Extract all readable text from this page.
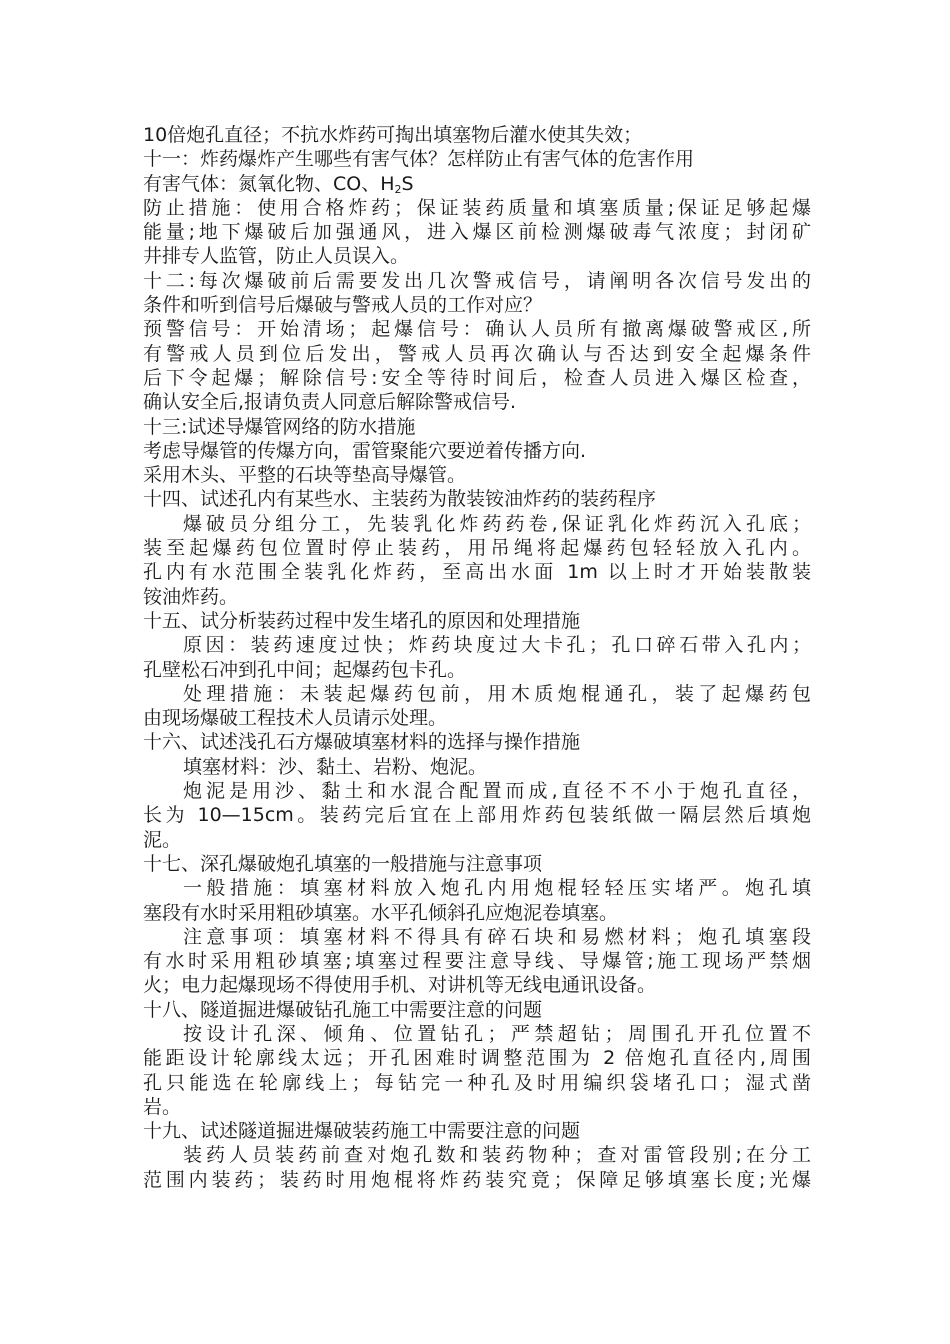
10倍炮孔直径；不抗水炸药可掏出填塞物后灌水使其失效；
十一：炸药爆炸产生哪些有害气体？怎样防止有害气体的危害作用
有害气体：氮氧化物、CO、$H_2S$
防止措施：使用合格炸药；保证装药质量和填塞质量;保证足够起爆
能量;地下爆破后加强通风，进入爆区前检测爆破毒气浓度；封闭矿
井排专人监管，防止人员误入。
十二:每次爆破前后需要发出几次警戒信号，请阐明各次信号发出的
条件和听到信号后爆破与警戒人员的工作对应？
预警信号：开始清场；起爆信号：确认人员所有撤离爆破警戒区,所
有警戒人员到位后发出，警戒人员再次确认与否达到安全起爆条件
后下令起爆；解除信号:安全等待时间后，检查人员进入爆区检查，
确认安全后,报请负责人同意后解除警戒信号.
十三:试述导爆管网络的防水措施
考虑导爆管的传爆方向，雷管聚能穴要逆着传播方向.
采用木头、平整的石块等垫高导爆管。
十四、试述孔内有某些水、主装药为散装铵油炸药的装药程序
爆破员分组分工，先装乳化炸药药卷,保证乳化炸药沉入孔底；
装至起爆药包位置时停止装药，用吊绳将起爆药包轻轻放入孔内。
孔内有水范围全装乳化炸药，至高出水面 1m 以上时才开始装散装
铵油炸药。
十五、试分析装药过程中发生堵孔的原因和处理措施
原因：装药速度过快；炸药块度过大卡孔；孔口碎石带入孔内；
孔壁松石冲到孔中间；起爆药包卡孔。
处理措施：未装起爆药包前，用木质炮棍通孔，装了起爆药包
由现场爆破工程技术人员请示处理。
十六、试述浅孔石方爆破填塞材料的选择与操作措施
填塞材料：沙、黏土、岩粉、炮泥。
炮泥是用沙、黏土和水混合配置而成,直径不不小于炮孔直径，
长为 10—15cm。装药完后宜在上部用炸药包装纸做一隔层然后填炮
泥。
十七、深孔爆破炮孔填塞的一般措施与注意事项
一般措施：填塞材料放入炮孔内用炮棍轻轻压实堵严。炮孔填
塞段有水时采用粗砂填塞。水平孔倾斜孔应炮泥卷填塞。
注意事项：填塞材料不得具有碎石块和易燃材料；炮孔填塞段
有水时采用粗砂填塞;填塞过程要注意导线、导爆管;施工现场严禁烟
火；电力起爆现场不得使用手机、对讲机等无线电通讯设备。
十八、隧道掘进爆破钻孔施工中需要注意的问题
按设计孔深、倾角、位置钻孔；严禁超钻；周围孔开孔位置不
能距设计轮廓线太远；开孔困难时调整范围为 2 倍炮孔直径内,周围
孔只能选在轮廓线上；每钻完一种孔及时用编织袋堵孔口；湿式凿
岩。
十九、试述隧道掘进爆破装药施工中需要注意的问题
装药人员装药前查对炮孔数和装药物种；查对雷管段别;在分工
范围内装药；装药时用炮棍将炸药装究竟；保障足够填塞长度;光爆
